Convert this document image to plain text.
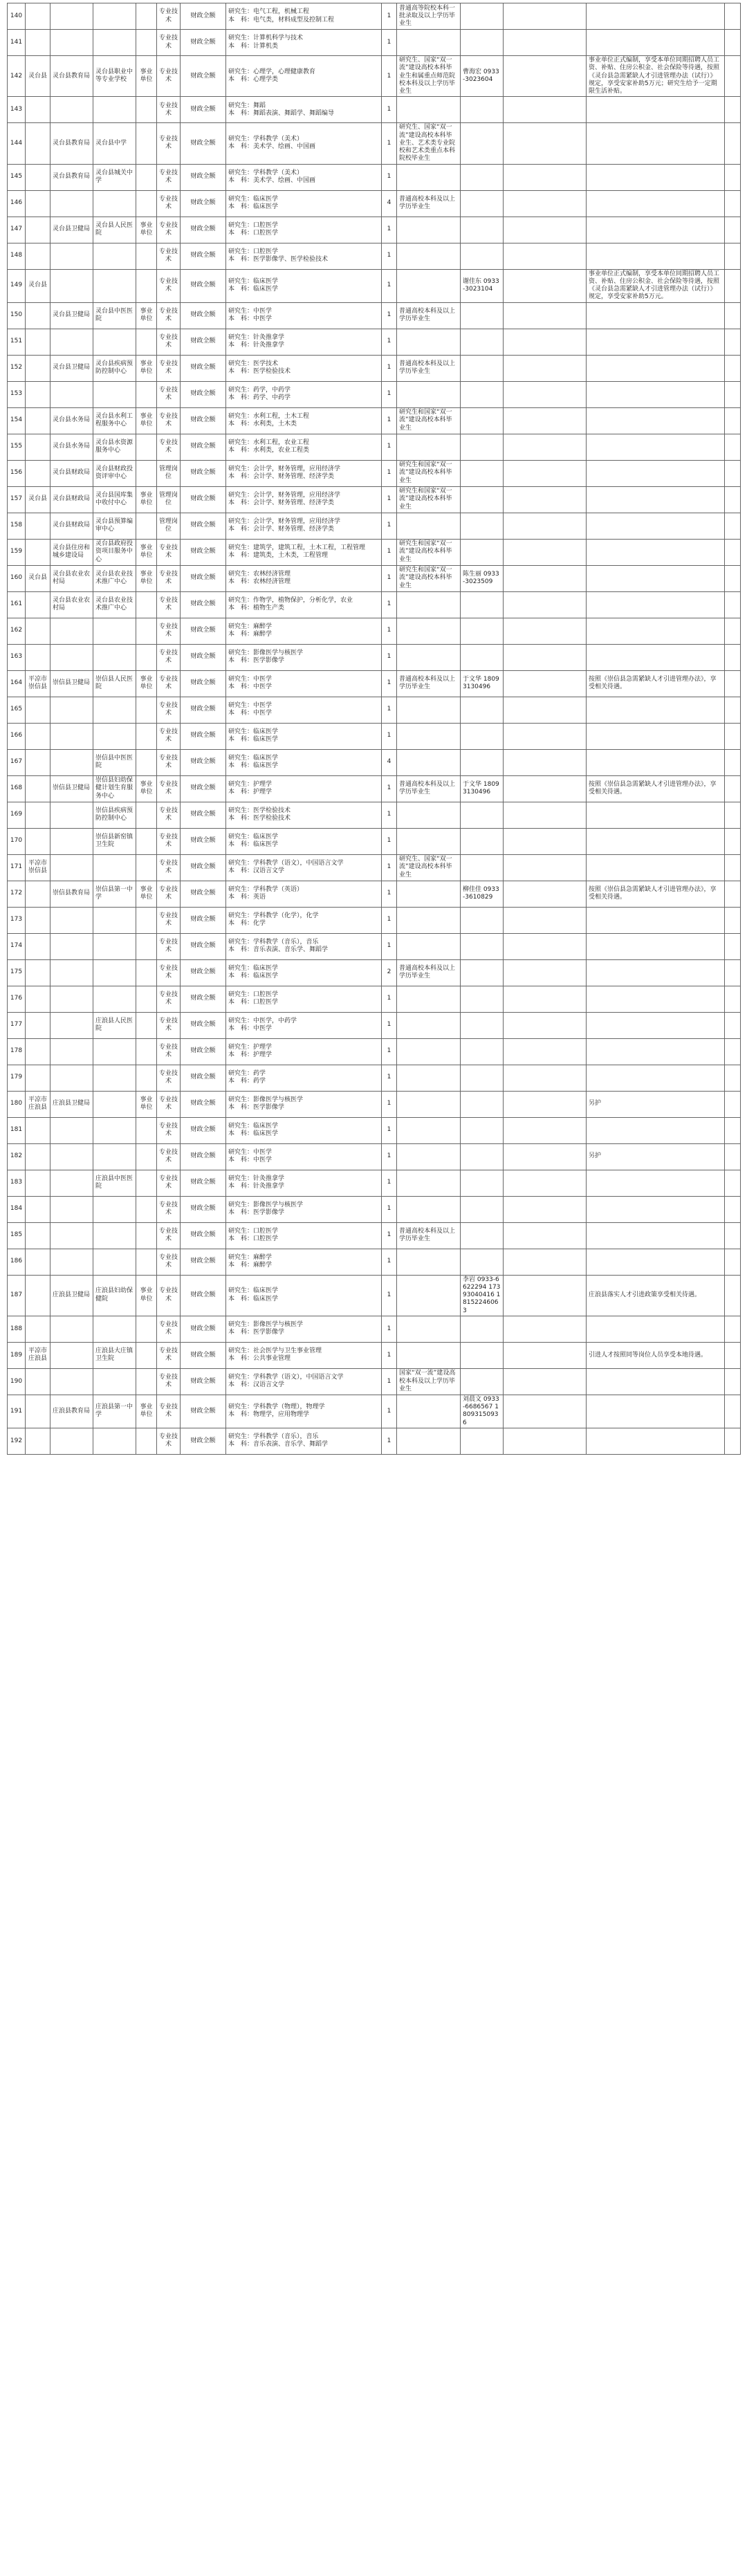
140					专业技术	财政全额	研究生：电气工程，机械工程
本　科：电气类，材料成型及控制工程	1	普通高等院校本科一批录取及以上学历毕业生				
141					专业技术	财政全额	研究生：计算机科学与技术
本　科：计算机类	1					
142	灵台县	灵台县教育局	灵台县职业中等专业学校	事业单位	专业技术	财政全额	研究生：心理学，心理健康教育
本　科：心理学类	1	研究生、国家“双一流”建设高校本科毕业生和属重点师范院校本科及以上学历毕业生	曹海宏 0933-3023604		事业单位正式编制，享受本单位同期招聘人员工资、补贴、住房公积金、社会保险等待遇，按照《灵台县急需紧缺人才引进管理办法（试行）》规定，享受安家补助5万元；研究生给予一定期限生活补贴。	
143					专业技术	财政全额	研究生：舞蹈
本　科：舞蹈表演、舞蹈学、舞蹈编导	1					
144		灵台县教育局	灵台县中学		专业技术	财政全额	研究生：学科教学（美术）
本　科：美术学、绘画、中国画	1	研究生、国家“双一流”建设高校本科毕业生、艺术类专业院校和艺术类重点本科院校毕业生				
145		灵台县教育局	灵台县城关中学		专业技术	财政全额	研究生：学科教学（美术）
本　科：美术学、绘画、中国画	1					
146					专业技术	财政全额	研究生：临床医学
本　科：临床医学	4	普通高校本科及以上学历毕业生				
147		灵台县卫健局	灵台县人民医院	事业单位	专业技术	财政全额	研究生：口腔医学
本　科：口腔医学	1					
148					专业技术	财政全额	研究生：口腔医学
本　科：医学影像学、医学检验技术	1					
149	灵台县				专业技术	财政全额	研究生：临床医学
本　科：临床医学	1		谢佳东 0933-3023104		事业单位正式编制，享受本单位同期招聘人员工资、补贴、住房公积金、社会保险等待遇，按照《灵台县急需紧缺人才引进管理办法（试行）》规定，享受安家补助5万元。	
150		灵台县卫健局	灵台县中医医院	事业单位	专业技术	财政全额	研究生：中医学
本　科：中医学	1	普通高校本科及以上学历毕业生				
151					专业技术	财政全额	研究生：针灸推拿学
本　科：针灸推拿学	1					
152		灵台县卫健局	灵台县疾病预防控制中心	事业单位	专业技术	财政全额	研究生：医学技术
本　科：医学检验技术	1	普通高校本科及以上学历毕业生				
153					专业技术	财政全额	研究生：药学，中药学
本　科：药学、中药学	1					
154		灵台县水务局	灵台县水利工程服务中心	事业单位	专业技术	财政全额	研究生：水利工程，土木工程
本　科：水利类，土木类	1	研究生和国家“双一流”建设高校本科毕业生				
155		灵台县水务局	灵台县水资源服务中心		专业技术	财政全额	研究生：水利工程，农业工程
本　科：水利类，农业工程类	1					
156		灵台县财政局	灵台县财政投资评审中心		管理岗位	财政全额	研究生：会计学，财务管理，应用经济学
本　科：会计学、财务管理、经济学类	1	研究生和国家“双一流”建设高校本科毕业生				
157	灵台县	灵台县财政局	灵台县国库集中收付中心	事业单位	管理岗位	财政全额	研究生：会计学，财务管理，应用经济学
本　科：会计学、财务管理、经济学类	1	研究生和国家“双一流”建设高校本科毕业生				
158		灵台县财政局	灵台县预算编审中心		管理岗位	财政全额	研究生：会计学，财务管理，应用经济学
本　科：会计学、财务管理、经济学类	1					
159		灵台县住房和城乡建设局	灵台县政府投资项目服务中心	事业单位	专业技术	财政全额	研究生：建筑学，建筑工程，土木工程，工程管理
本　科：建筑类，土木类，工程管理	1	研究生和国家“双一流”建设高校本科毕业生				
160	灵台县	灵台县农业农村局	灵台县农业技术推广中心	事业单位	专业技术	财政全额	研究生：农林经济管理
本　科：农林经济管理	1	研究生和国家“双一流”建设高校本科毕业生	陈生丽 0933-3023509			
161		灵台县农业农村局	灵台县农业技术推广中心		专业技术	财政全额	研究生：作物学，植物保护，分析化学，农业
本　科：植物生产类	1					
162					专业技术	财政全额	研究生：麻醉学
本　科：麻醉学	1					
163					专业技术	财政全额	研究生：影像医学与核医学
本　科：医学影像学	1					
164	平凉市崇信县	崇信县卫健局	崇信县人民医院	事业单位	专业技术	财政全额	研究生：中医学
本　科：中医学	1	普通高校本科及以上学历毕业生	于文华 18093130496		按照《崇信县急需紧缺人才引进管理办法》，享受相关待遇。	
165					专业技术	财政全额	研究生：中医学
本　科：中医学	1					
166					专业技术	财政全额	研究生：临床医学
本　科：临床医学	1					
167			崇信县中医医院		专业技术	财政全额	研究生：临床医学
本　科：临床医学	4					
168		崇信县卫健局	崇信县妇幼保健计划生育服务中心	事业单位	专业技术	财政全额	研究生：护理学
本　科：护理学	1	普通高校本科及以上学历毕业生	于文华 18093130496		按照《崇信县急需紧缺人才引进管理办法》，享受相关待遇。	
169			崇信县疾病预防控制中心		专业技术	财政全额	研究生：医学检验技术
本　科：医学检验技术	1					
170			崇信县新窑镇卫生院		专业技术	财政全额	研究生：临床医学
本　科：临床医学	1					
171	平凉市崇信县				专业技术	财政全额	研究生：学科教学（语文），中国语言文学
本　科：汉语言文学	1	研究生、国家“双一流”建设高校本科毕业生				
172		崇信县教育局	崇信县第一中学	事业单位	专业技术	财政全额	研究生：学科教学（英语）
本　科：英语	1		柳佳佳 0933-3610829		按照《崇信县急需紧缺人才引进管理办法》，享受相关待遇。	
173					专业技术	财政全额	研究生：学科教学（化学），化学
本　科：化学	1					
174					专业技术	财政全额	研究生：学科教学（音乐），音乐
本　科：音乐表演、音乐学、舞蹈学	1					
175					专业技术	财政全额	研究生：临床医学
本　科：临床医学	2	普通高校本科及以上学历毕业生				
176					专业技术	财政全额	研究生：口腔医学
本　科：口腔医学	1					
177			庄浪县人民医院		专业技术	财政全额	研究生：中医学，中药学
本　科：中医学	1					
178					专业技术	财政全额	研究生：护理学
本　科：护理学	1					
179					专业技术	财政全额	研究生：药学
本　科：药学	1					
180	平凉市庄浪县	庄浪县卫健局		事业单位	专业技术	财政全额	研究生：影像医学与核医学
本　科：医学影像学	1				另护	
181					专业技术	财政全额	研究生：临床医学
本　科：临床医学	1					
182					专业技术	财政全额	研究生：中医学
本　科：中医学	1				另护	
183			庄浪县中医医院		专业技术	财政全额	研究生：针灸推拿学
本　科：针灸推拿学	1					
184					专业技术	财政全额	研究生：影像医学与核医学
本　科：医学影像学	1					
185					专业技术	财政全额	研究生：口腔医学
本　科：口腔医学	1	普通高校本科及以上学历毕业生				
186					专业技术	财政全额	研究生：麻醉学
本　科：麻醉学	1					
187		庄浪县卫健局	庄浪县妇幼保健院	事业单位	专业技术	财政全额	研究生：临床医学
本　科：临床医学	1		李岩 0933-6622294 17393040416 18152246063		庄浪县落实人才引进政策享受相关待遇。	
188					专业技术	财政全额	研究生：影像医学与核医学
本　科：医学影像学	1					
189	平凉市庄浪县		庄浪县大庄镇卫生院		专业技术	财政全额	研究生：社会医学与卫生事业管理
本　科：公共事业管理	1				引进人才按照同等岗位人员享受本地待遇。	
190					专业技术	财政全额	研究生：学科教学（语文），中国语言文学
本　科：汉语言文学	1	国家“双一流”建设高校本科及以上学历毕业生				
191		庄浪县教育局	庄浪县第一中学	事业单位	专业技术	财政全额	研究生：学科教学（物理），物理学
本　科：物理学，应用物理学	1		刘晨文 0933-6686567 18093150936			
192					专业技术	财政全额	研究生：学科教学（音乐），音乐
本　科：音乐表演、音乐学、舞蹈学	1					
